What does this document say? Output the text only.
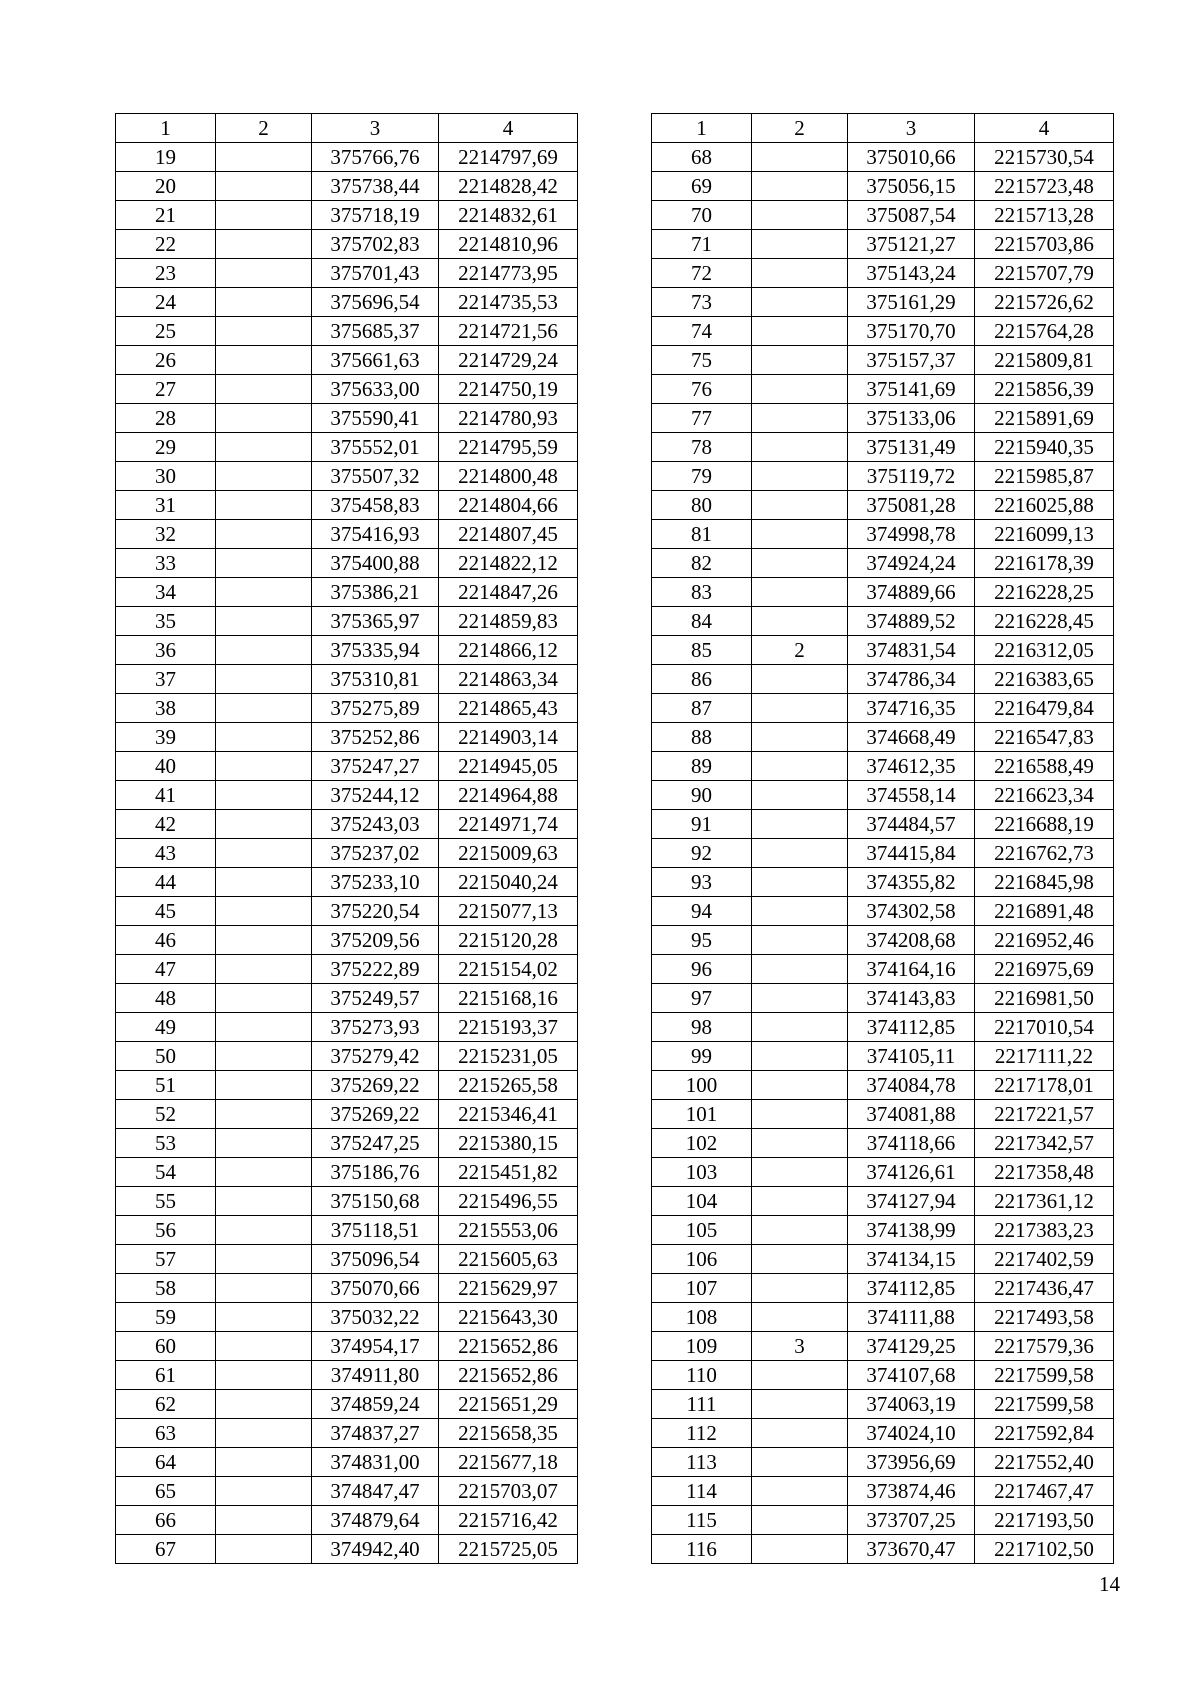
1	2	3	4
19		375766,76	2214797,69
20		375738,44	2214828,42
21		375718,19	2214832,61
22		375702,83	2214810,96
23		375701,43	2214773,95
24		375696,54	2214735,53
25		375685,37	2214721,56
26		375661,63	2214729,24
27		375633,00	2214750,19
28		375590,41	2214780,93
29		375552,01	2214795,59
30		375507,32	2214800,48
31		375458,83	2214804,66
32		375416,93	2214807,45
33		375400,88	2214822,12
34		375386,21	2214847,26
35		375365,97	2214859,83
36		375335,94	2214866,12
37		375310,81	2214863,34
38		375275,89	2214865,43
39		375252,86	2214903,14
40		375247,27	2214945,05
41		375244,12	2214964,88
42		375243,03	2214971,74
43		375237,02	2215009,63
44		375233,10	2215040,24
45		375220,54	2215077,13
46		375209,56	2215120,28
47		375222,89	2215154,02
48		375249,57	2215168,16
49		375273,93	2215193,37
50		375279,42	2215231,05
51		375269,22	2215265,58
52		375269,22	2215346,41
53		375247,25	2215380,15
54		375186,76	2215451,82
55		375150,68	2215496,55
56		375118,51	2215553,06
57		375096,54	2215605,63
58		375070,66	2215629,97
59		375032,22	2215643,30
60		374954,17	2215652,86
61		374911,80	2215652,86
62		374859,24	2215651,29
63		374837,27	2215658,35
64		374831,00	2215677,18
65		374847,47	2215703,07
66		374879,64	2215716,42
67		374942,40	2215725,05
1	2	3	4
68		375010,66	2215730,54
69		375056,15	2215723,48
70		375087,54	2215713,28
71		375121,27	2215703,86
72		375143,24	2215707,79
73		375161,29	2215726,62
74		375170,70	2215764,28
75		375157,37	2215809,81
76		375141,69	2215856,39
77		375133,06	2215891,69
78		375131,49	2215940,35
79		375119,72	2215985,87
80		375081,28	2216025,88
81		374998,78	2216099,13
82		374924,24	2216178,39
83		374889,66	2216228,25
84		374889,52	2216228,45
85	2	374831,54	2216312,05
86		374786,34	2216383,65
87		374716,35	2216479,84
88		374668,49	2216547,83
89		374612,35	2216588,49
90		374558,14	2216623,34
91		374484,57	2216688,19
92		374415,84	2216762,73
93		374355,82	2216845,98
94		374302,58	2216891,48
95		374208,68	2216952,46
96		374164,16	2216975,69
97		374143,83	2216981,50
98		374112,85	2217010,54
99		374105,11	2217111,22
100		374084,78	2217178,01
101		374081,88	2217221,57
102		374118,66	2217342,57
103		374126,61	2217358,48
104		374127,94	2217361,12
105		374138,99	2217383,23
106		374134,15	2217402,59
107		374112,85	2217436,47
108		374111,88	2217493,58
109	3	374129,25	2217579,36
110		374107,68	2217599,58
111		374063,19	2217599,58
112		374024,10	2217592,84
113		373956,69	2217552,40
114		373874,46	2217467,47
115		373707,25	2217193,50
116		373670,47	2217102,50
14
